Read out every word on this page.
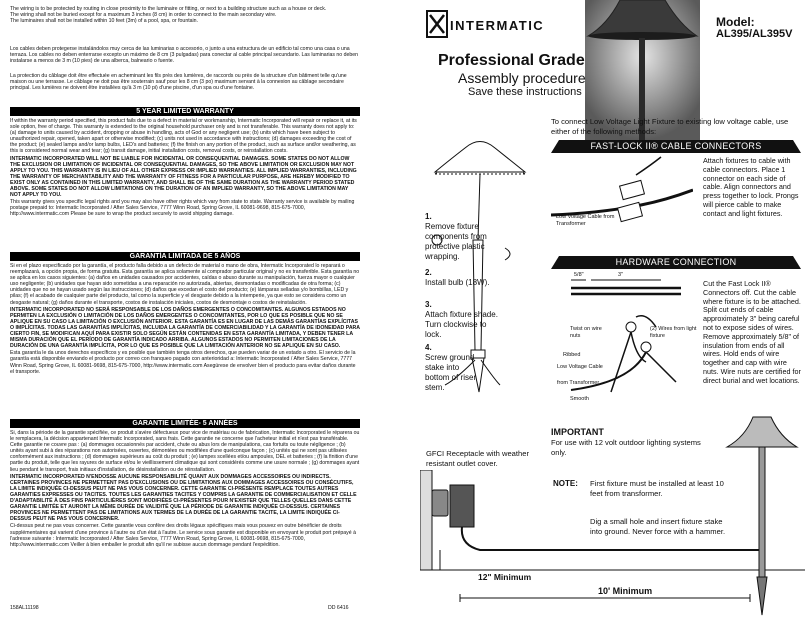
The wiring is to be protected by routing in close proximity to the luminaire or fitting, or next to a building structure such as a house or deck.
The wiring shall not be buried except for a maximum 3 inches (8 cm) in order to connect to the main secondary wire.
The luminaires shall not be installed within 10 feet (3m) of a pool, spa, or fountain.
Los cables deben protegerse instalándolos muy cerca de las luminarias o accesorio, o junto a una estructura de un edificio tal como una casa o una terraza. Los cables no deben enterrarse excepto un máximo de 8 cm (3 pulgadas) para conectar al cable principal secundario. Las luminarias no deben instalarse a menos de 3 m (10 pies) de una alberca, balneario o fuente.
La protection du câblage doit être effectuée en acheminant les fils près des lumières, de raccords ou près de la structure d'un bâtiment telle qu'une maison ou une terrasse. Le câblage ne doit pas être souterrain sauf pour les 8 cm (3 po) maximum servant à la connexion au câblage secondaire principal. Les lumières ne doivent être installées qu'à 3 m (10 pi) d'une piscine, d'un spa ou d'une fontaine.
5 YEAR LIMITED WARRANTY
If within the warranty period specified, this product fails due to a defect in material or workmanship, Intermatic Incorporated will repair or replace it, at its sole option, free of charge. This warranty is extended to the original household purchaser only and is not transferable. This warranty does not apply to: (a) damage to units caused by accident, dropping or abuse in handling, acts of God or any negligent use; (b) units which have been subject to unauthorized repair, opened, taken apart or otherwise modified; (c) units not used in accordance with instructions; (d) damages exceeding the cost of the product; (e) sealed lamps and/or lamp bulbs, LED's and batteries; (f) the finish on any portion of the product, such as surface and/or weathering, as this is considered normal wear and tear; (g) transit damage, initial installation costs, removal costs, or reinstallation costs.
INTERMATIC INCORPORATED WILL NOT BE LIABLE FOR INCIDENTAL OR CONSEQUENTIAL DAMAGES. SOME STATES DO NOT ALLOW THE EXCLUSION OR LIMITATION OF INCIDENTAL OR CONSEQUENTIAL DAMAGES, SO THE ABOVE LIMITATION OR EXCLUSION MAY NOT APPLY TO YOU. THIS WARRANTY IS IN LIEU OF ALL OTHER EXPRESS OR IMPLIED WARRANTIES. ALL IMPLIED WARRANTIES, INCLUDING THE WARRANTY OF MERCHANTABILITY AND THE WARRANTY OF FITNESS FOR A PARTICULAR PURPOSE, ARE HEREBY MODIFIED TO EXIST ONLY AS CONTAINED IN THIS LIMITED WARRANTY, AND SHALL BE OF THE SAME DURATION AS THE WARRANTY PERIOD STATED ABOVE. SOME STATES DO NOT ALLOW LIMITATIONS ON THE DURATION OF AN IMPLIED WARRANTY, SO THE ABOVE LIMITATION MAY NOT APPLY TO YOU.
This warranty gives you specific legal rights and you may also have other rights which vary from state to state. Warranty service is available by mailing postage prepaid to: Intermatic Incorporated / After Sales Service, 7777 Winn Road, Spring Grove, IL 60081-9698, 815-675-7000, http://www.intermatic.com Please be sure to wrap the product securely to avoid shipping damage.
GARANTÍA LIMITADA DE 5 AÑOS
Si en el plazo especificado por la garantía, el producto falla debido a un defecto de material o mano de obra, Intermatic Incorporated lo reparará o reemplazará, a opción propia, de forma gratuita. Esta garantía se aplica solamente al comprador particular original y no es transferible. Esta garantía no se aplica en los casos siguientes: (a) daños en unidades causados por accidentes, caídas o abuso durante su manipulación, fuerza mayor o cualquier uso negligente; (b) unidades que hayan sido sometidas a una reparación no autorizada, abiertas, desmontadas o modificadas de otra forma; (c) unidades que no se hayan usado según las instrucciones; (d) daños que excedan el costo del producto; (e) lámparas selladas y/o bombillas, LED y pilas; (f) el acabado de cualquier parte del producto, tal como la superficie y el desgaste debido a la intemperie, ya que esto se considera como un desgaste natural; (g) daños durante el transporte, costos de instalación iniciales, costos de desmontaje o costos de reinstalación.
INTERMATIC INCORPORATED NO SERÁ RESPONSABLE DE LOS DAÑOS EMERGENTES O CONCOMITANTES. ALGUNOS ESTADOS NO PERMITEN LA EXCLUSIÓN O LIMITACIÓN DE LOS DAÑOS EMERGENTES O CONCOMITANTES, POR LO QUE ES POSIBLE QUE NO SE APLIQUE EN SU CASO LA LIMITACIÓN O EXCLUSIÓN ANTERIOR. ESTA GARANTÍA ES EN LUGAR DE LAS DEMÁS GARANTÍAS EXPLÍCITAS O IMPLÍCITAS. TODAS LAS GARANTÍAS IMPLÍCITAS, INCLUIDA LA GARANTÍA DE COMERCIABILIDAD Y LA GARANTÍA DE IDONEIDAD PARA CIERTO FIN, SE MODIFICAN AQUÍ PARA EXISTIR SOLO SEGÚN ESTÁN CONTENIDAS EN ESTA GARANTÍA LIMITADA, Y DEBEN TENER LA MISMA DURACIÓN QUE EL PERÍODO DE GARANTÍA INDICADO ARRIBA. ALGUNOS ESTADOS NO PERMITEN LIMITACIONES DE LA DURACIÓN DE UNA GARANTÍA IMPLÍCITA, POR LO QUE ES POSIBLE QUE LA LIMITACIÓN ANTERIOR NO SE APLIQUE EN SU CASO.
Esta garantía le da unos derechos específicos y es posible que también tenga otros derechos, que pueden variar de un estado a otro. El servicio de la garantía está disponible enviando el producto por correo con franqueo pagado con anterioridad a: Intermatic Incorporated / After Sales Service, 7777 Winn Road, Spring Grove, IL 60081-9698, 815-675-7000, http://www.intermatic.com Asegúrese de envolver bien el producto para evitar daños durante el transporte.
GARANTIE LIMITÉE- 5 ANNÉES
Si, dans la période de la garantie spécifiée, ce produit s'avère défectueux pour vice de matériau ou de fabrication, Intermatic Incorporated le réparera ou le remplacera, la décision appartenant Intermatic Incorporated, sans frais. Cette garantie ne concerne que l'acheteur initial et n'est pas transférable. Cette garantie ne couvre pas : (a) dommages occasionnés par accident, chute ou abus lors de manipulations, cas fortuits ou toute négligence ; (b) unités ayant subi à des réparations non autorisées, ouvertes, démontées ou modifiées d'une quelconque façon ; (c) unités qui ne sont pas utilisées conformément aux instructions ; (d) dommages supérieurs au coût du produit ; (e) lampes scellées et/ou ampoules, DEL et batteries ; (f) la finition d'une partie du produit, telle que les rayures de surface et/ou le vieillissement climatique qui sont considérés comme une usure normale ; (g) dommages ayant lieu pendant le transport, frais initiaux d'installation, de désinstallation ou de réinstallation.
INTERMATIC INCORPORATED N'ENDOSSE AUCUNE RESPONSABILITÉ QUANT AUX DOMMAGES ACCESSOIRES OU INDIRECTS. CERTAINES PROVINCES NE PERMETTENT PAS D'EXCLUSIONS OU DE LIMITATIONS AUX DOMMAGES ACCESSOIRES OU CONSÉCUTIFS, LA LIMITE INDIQUÉE CI-DESSUS PEUT NE PAS VOUS CONCERNER. CETTE GARANTIE CI-PRÉSENTE REMPLACE TOUTES AUTRES GARANTIES EXPRESSES OU TACITES. TOUTES LES GARANTIES TACITES Y COMPRIS LA GARANTIE DE COMMERCIALISATION ET CELLE D'ADAPTABILITÉ À DES FINS PARTICULIÈRES SONT MODIFIÉES CI-PRÉSENTES POUR N'EXISTER QUE TELLES QUELLES DANS CETTE GARANTIE LIMITÉE ET AURONT LA MÊME DURÉE DE VALIDITÉ QUE LA PÉRIODE DE GARANTIE INDIQUÉE CI-DESSUS. CERTAINES PROVINCES NE PERMETTENT PAS DE LIMITATIONS AUX TERMES DE LA DURÉE DE LA GARANTIE TACITE, LA LIMITE INDIQUÉE CI-DESSUS PEUT NE PAS VOUS CONCERNER.
Ci-dessus peut ne pas vous concerner. Cette garantie vous confère des droits légaux spécifiques mais vous pouvez en outre bénéficier de droits supplémentaires qui varient d'une province à l'autre ou d'un état à l'autre. Le service sous garantie est disponible en envoyant le produit port prépayé à l'adresse suivante : Intermatic Incorporated / After Sales Service, 7777 Winn Road, Spring Grove, IL 60081-9698, 815-675-7000, http://www.intermatic.com Veiller à bien emballer le produit afin qu'il ne subisse aucun dommage pendant l'expédition.
158AL11198	DD 6416
INTERMATIC	Model:
AL395/AL395V
Professional Grade
Assembly procedure
Save these instructions
1.
Remove fixture components from protective plastic wrapping.
2.
Install bulb (18W).
3.
Attach fixture shade. Turn clockwise to lock.
4.
Screw ground stake into bottom of riser stem.
To connect Low Voltage Light Fixture to existing low voltage cable, use either of the following methods:
FAST-LOCK II® CABLE CONNECTORS
Low Voltage Cable from Transformer
Attach fixtures to cable with cable connectors. Place 1 connector on each side of cable. Align connectors and press together to lock. Prongs will pierce cable to make contact and light fixtures.
HARDWARE CONNECTION
5/8"	3"
Twist on wire nuts
(2) Wires from light fixture
Ribbed
Low Voltage Cable
from Transformer
Smooth
Cut the Fast Lock II® Connectors off. Cut the cable where fixture is to be attached. Split cut ends of cable approximately 3" being careful not to expose sides of wires. Remove approximately 5/8" of insulation from ends of all wires. Hold ends of wire together and cap with wire nuts. Wire nuts are certified for direct burial and wet locations.
IMPORTANT
For use with 12 volt outdoor lighting systems only.
GFCI Receptacle with weather resistant outlet cover.
NOTE: First fixture must be installed at least 10 feet from transformer.
Dig a small hole and insert fixture stake into ground. Never force with a hammer.
12" Minimum
10' Minimum
